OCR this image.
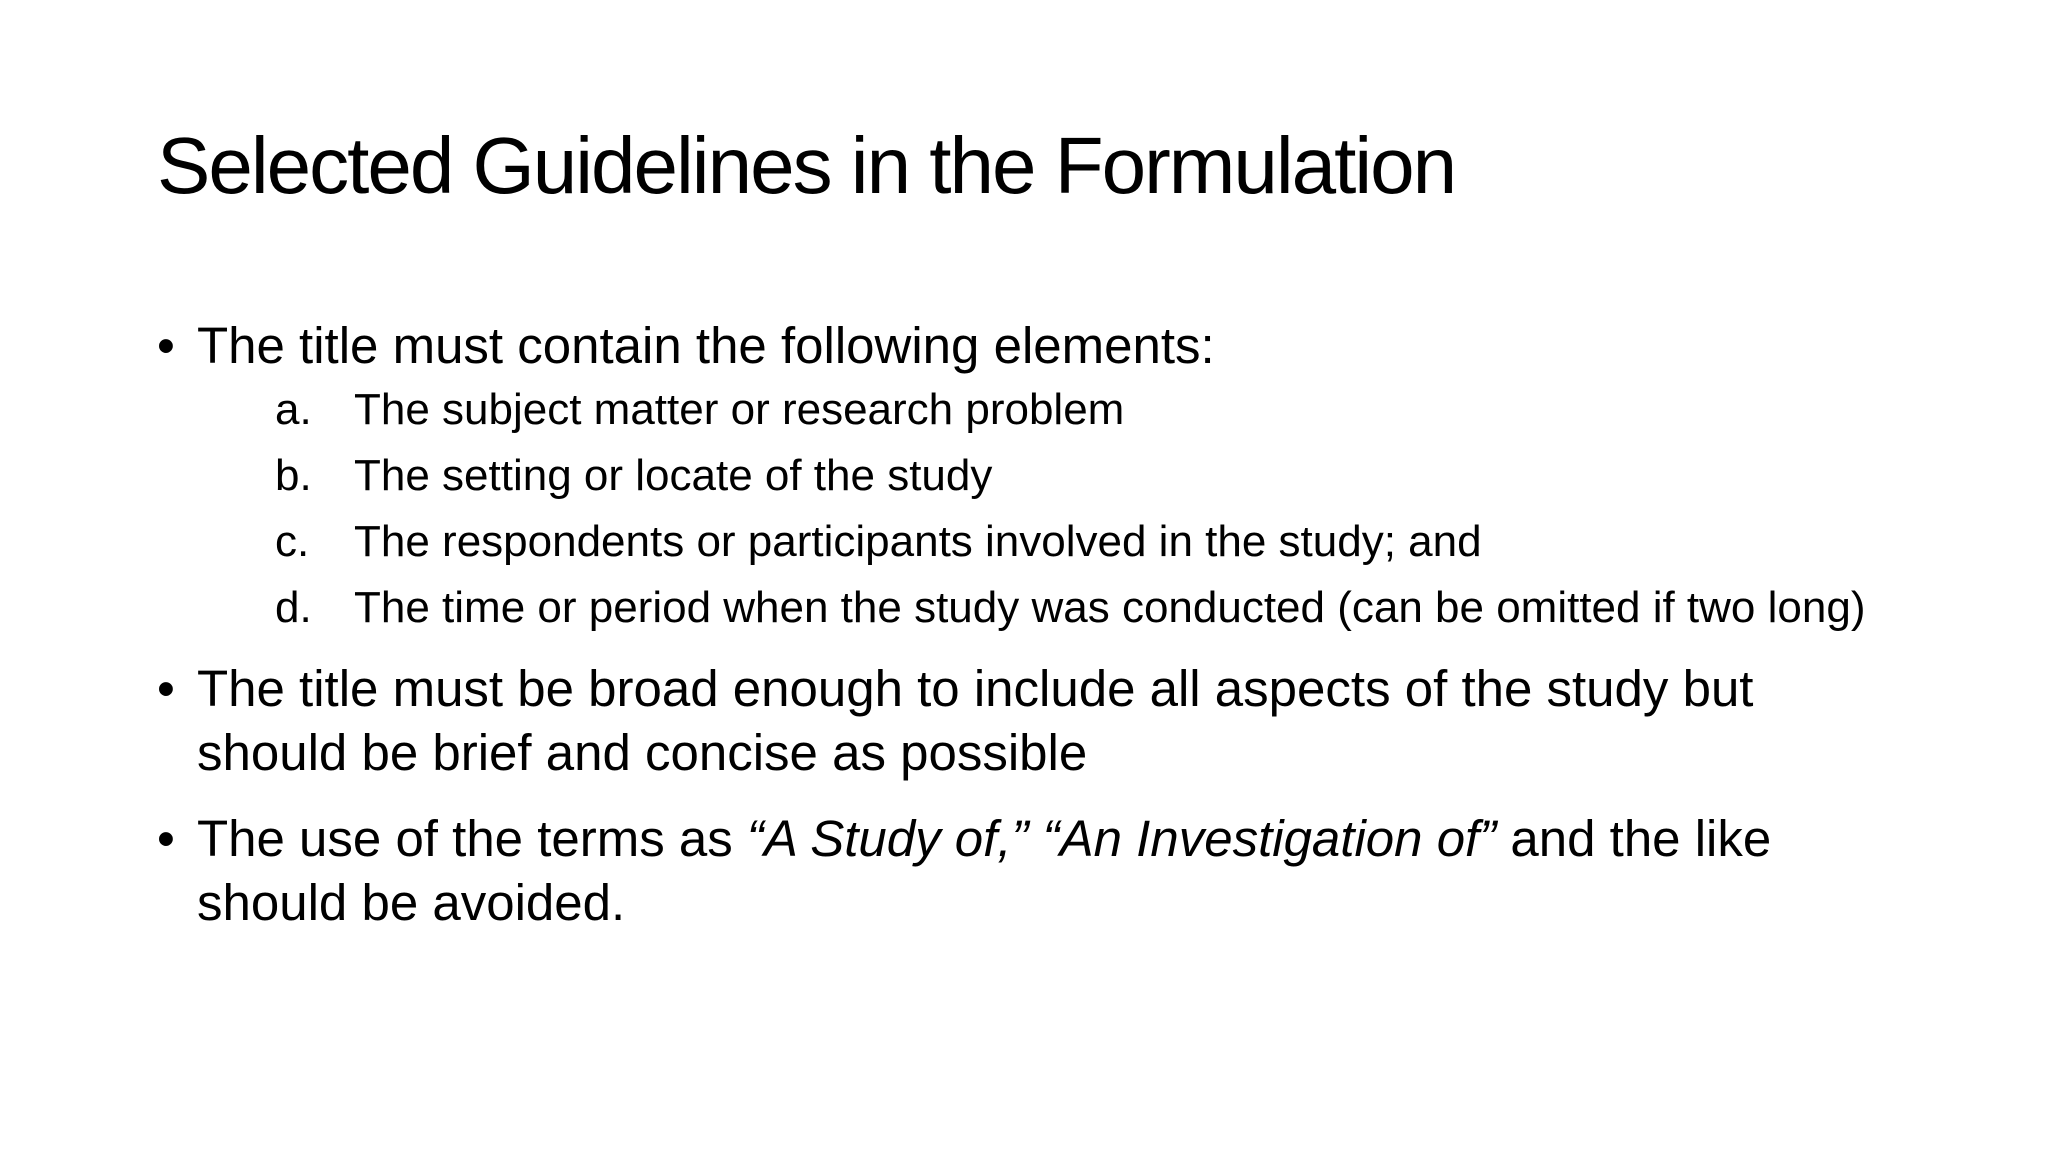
Selected Guidelines in the Formulation
• The title must contain the following elements:
a. The subject matter or research problem
b. The setting or locate of the study
c. The respondents or participants involved in the study; and
d. The time or period when the study was conducted (can be omitted if two long)
• The title must be broad enough to include all aspects of the study but should be brief and concise as possible
• The use of the terms as “A Study of,” “An Investigation of” and the like should be avoided.
